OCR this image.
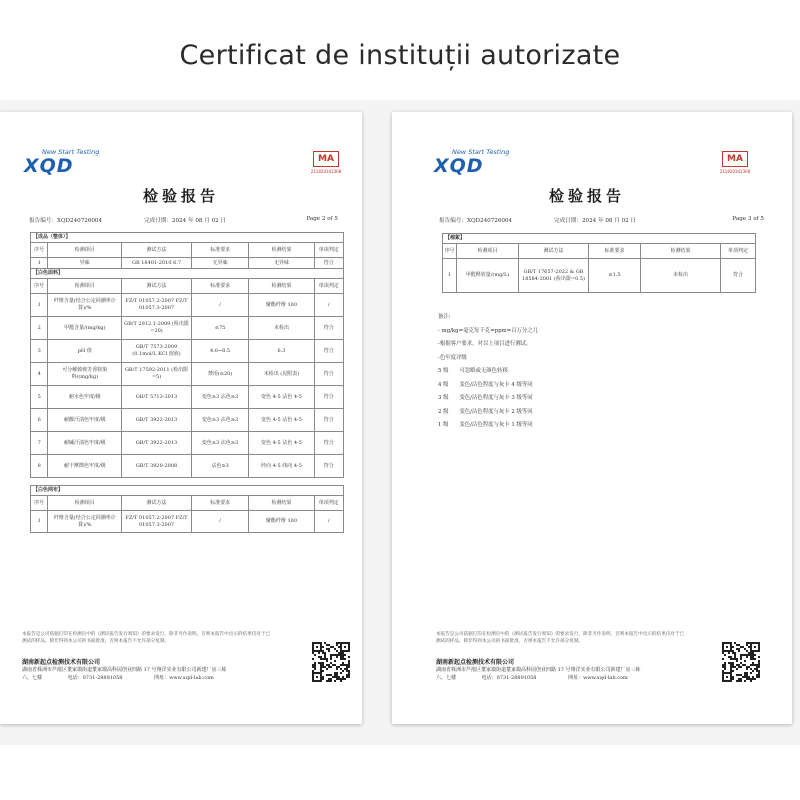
Certificat de instituții autorizate
New Start Testing
XQD	MA
211820342368
检验报告
报告编号：XQD240726004	完成日期：2024 年 08 月 02 日	Page 2 of 5
【成品（整体）】					
序号	检测项目	测试方法	标准要求	检测结果	单项判定
1	异味	GB 18401-2010 6.7	无异味	无异味	符合
【白色面料】					
序号	检测项目	测试方法	标准要求	检测结果	单项判定
1	纤维含量(结合公定回潮率计算)/%	FZ/T 01057.2-2007 FZ/T 01057.3-2007	/	聚酯纤维 100	/
2	甲醛含量/(mg/kg)	GB/T 2912.1-2009 (检出限=20)	≤75	未检出	符合
3	pH 值	GB/T 7573-2009 (0.1mol/L KCl 溶液)	4.0~8.5	6.3	符合
4	可分解致癌芳香胺染料/(mg/kg)	GB/T 17592-2011 (检出限=5)	禁用(≤20)	未检出 (见附表)	符合
5	耐水色牢度/级	GB/T 5713-2013	变色≥3 沾色≥3	变色 4-5 沾色 4-5	符合
6	耐酸汗渍色牢度/级	GB/T 3922-2013	变色≥3 沾色≥3	变色 4-5 沾色 4-5	符合
7	耐碱汗渍色牢度/级	GB/T 3922-2013	变色≥3 沾色≥3	变色 4-5 沾色 4-5	符合
8	耐干摩擦色牢度/级	GB/T 3920-2008	沾色≥3	经向 4-5 纬向 4-5	符合

【白色网布】					
序号	检测项目	测试方法	标准要求	检测结果	单项判定
1	纤维含量(结合公定回潮率计算)/%	FZ/T 01057.2-2007 FZ/T 01057.3-2007	/	聚酯纤维 100	/
本报告是公司依据打印在检测页中的《测试报告发行须知》的要求发行，除非另作说明，否则本报告中出示的结果仅对于已
测试的样品。除非得到本公司的书面批准，否则本报告不允许部分复制。
湖南新起点检测技术有限公司
湖南省株洲市芦淞区董家塅街道董家塅高科园创业四路 17 号翔洋实业有限公司新建厂房三栋
六、七楼	电话：0731-28891058	网址：www.xqd-lab.com
New Start Testing
XQD	MA
211820342368
检验报告
报告编号：XQD240726004	完成日期：2024 年 08 月 02 日	Page 3 of 5
【棉絮】					
序号	检测项目	测试方法	标准要求	检测结果	单项判定
1	甲醛释放量/(mg/L)	GB/T 17657-2022 & GB 18584-2001 (检出限=0.5)	≤1.5	未检出	符合
备注:
- mg/kg=毫克每千克=ppm=百万分之几
-根据客户要求，对以上项目进行测试。
-色牢度评级
5 级　　可忽略或无颜色转移
4 级　　变色/沾色程度与灰卡 4 级等同
3 级　　变色/沾色程度与灰卡 3 级等同
2 级　　变色/沾色程度与灰卡 2 级等同
1 级　　变色/沾色程度与灰卡 1 级等同
本报告是公司依据打印在检测页中的《测试报告发行须知》的要求发行，除非另作说明，否则本报告中出示的结果仅对于已
测试的样品。除非得到本公司的书面批准，否则本报告不允许部分复制。
湖南新起点检测技术有限公司
湖南省株洲市芦淞区董家塅街道董家塅高科园创业四路 17 号翔洋实业有限公司新建厂房三栋
六、七楼	电话：0731-28891058	网址：www.xqd-lab.com
